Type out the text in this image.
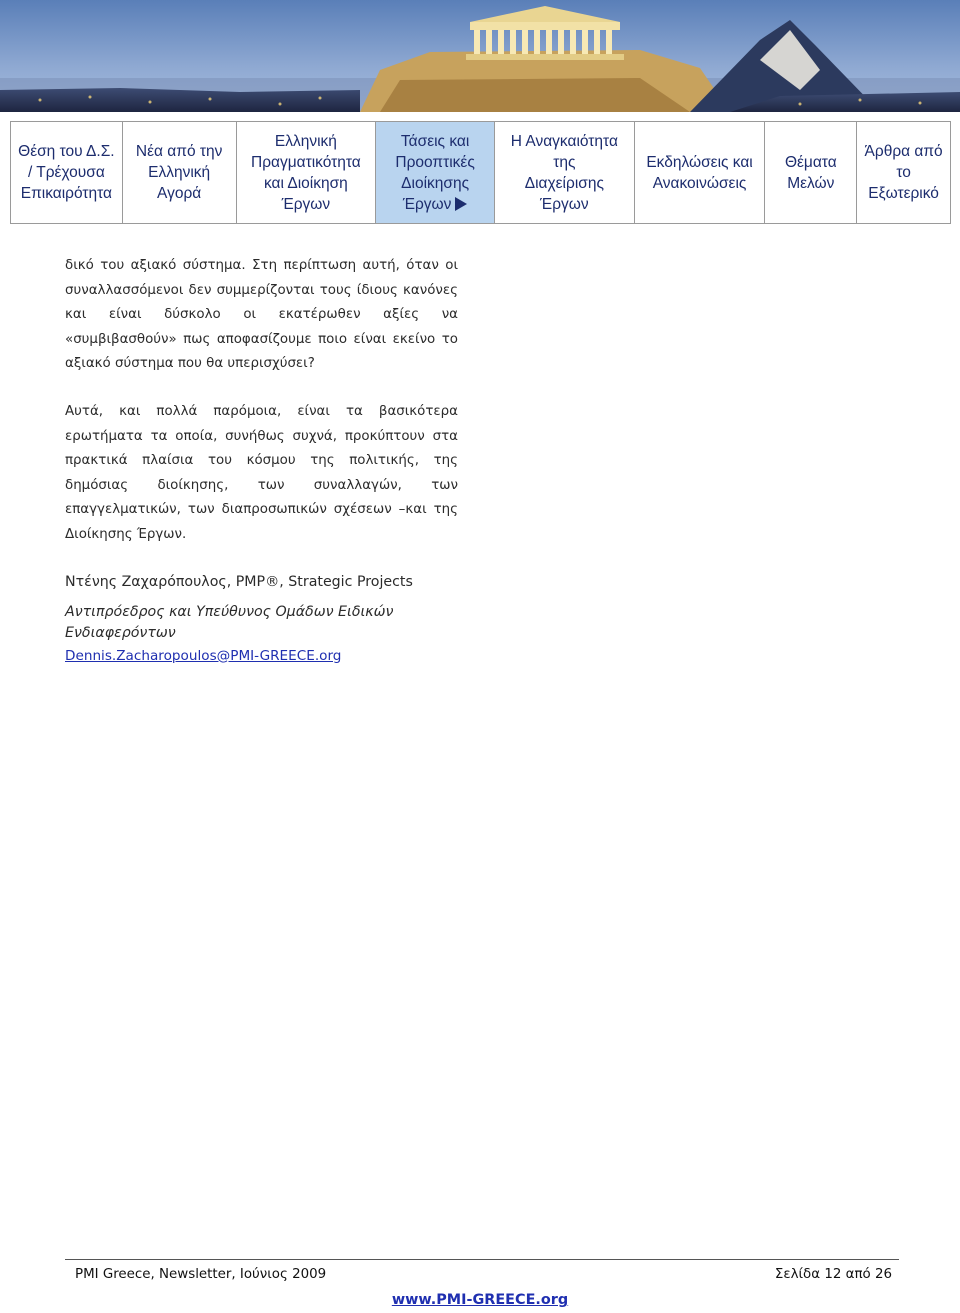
Θέση του Δ.Σ.
/ Τρέχουσα
Επικαιρότητα
Νέα από την
Ελληνική
Αγορά
Ελληνική
Πραγματικότητα
και Διοίκηση
Έργων
Τάσεις και
Προοπτικές
Διοίκησης
Έργων
Η Αναγκαιότητα
της
Διαχείρισης
Έργων
Εκδηλώσεις και
Ανακοινώσεις
Θέματα
Μελών
Άρθρα από
το Εξωτερικό

δικό του αξιακό σύστημα. Στη περίπτωση αυτή, όταν οι συναλλασσόμενοι δεν συμμερίζονται τους ίδιους κανόνες και είναι δύσκολο οι εκατέρωθεν αξίες να «συμβιβασθούν» πως αποφασίζουμε ποιο είναι εκείνο το αξιακό σύστημα που θα υπερισχύσει?

Αυτά, και πολλά παρόμοια, είναι τα βασικότερα ερωτήματα τα οποία, συνήθως συχνά, προκύπτουν στα πρακτικά πλαίσια του κόσμου της πολιτικής, της δημόσιας διοίκησης, των συναλλαγών, των επαγγελματικών, των διαπροσωπικών σχέσεων –και της Διοίκησης Έργων.

Ντένης Ζαχαρόπουλος, PMP®, Strategic Projects
Αντιπρόεδρος και Υπεύθυνος Ομάδων Ειδικών Ενδιαφερόντων
Dennis.Zacharopoulos@PMI-GREECE.org
PMI Greece, Newsletter, Ιούνιος 2009	Σελίδα 12 από 26
www.PMI-GREECE.org
